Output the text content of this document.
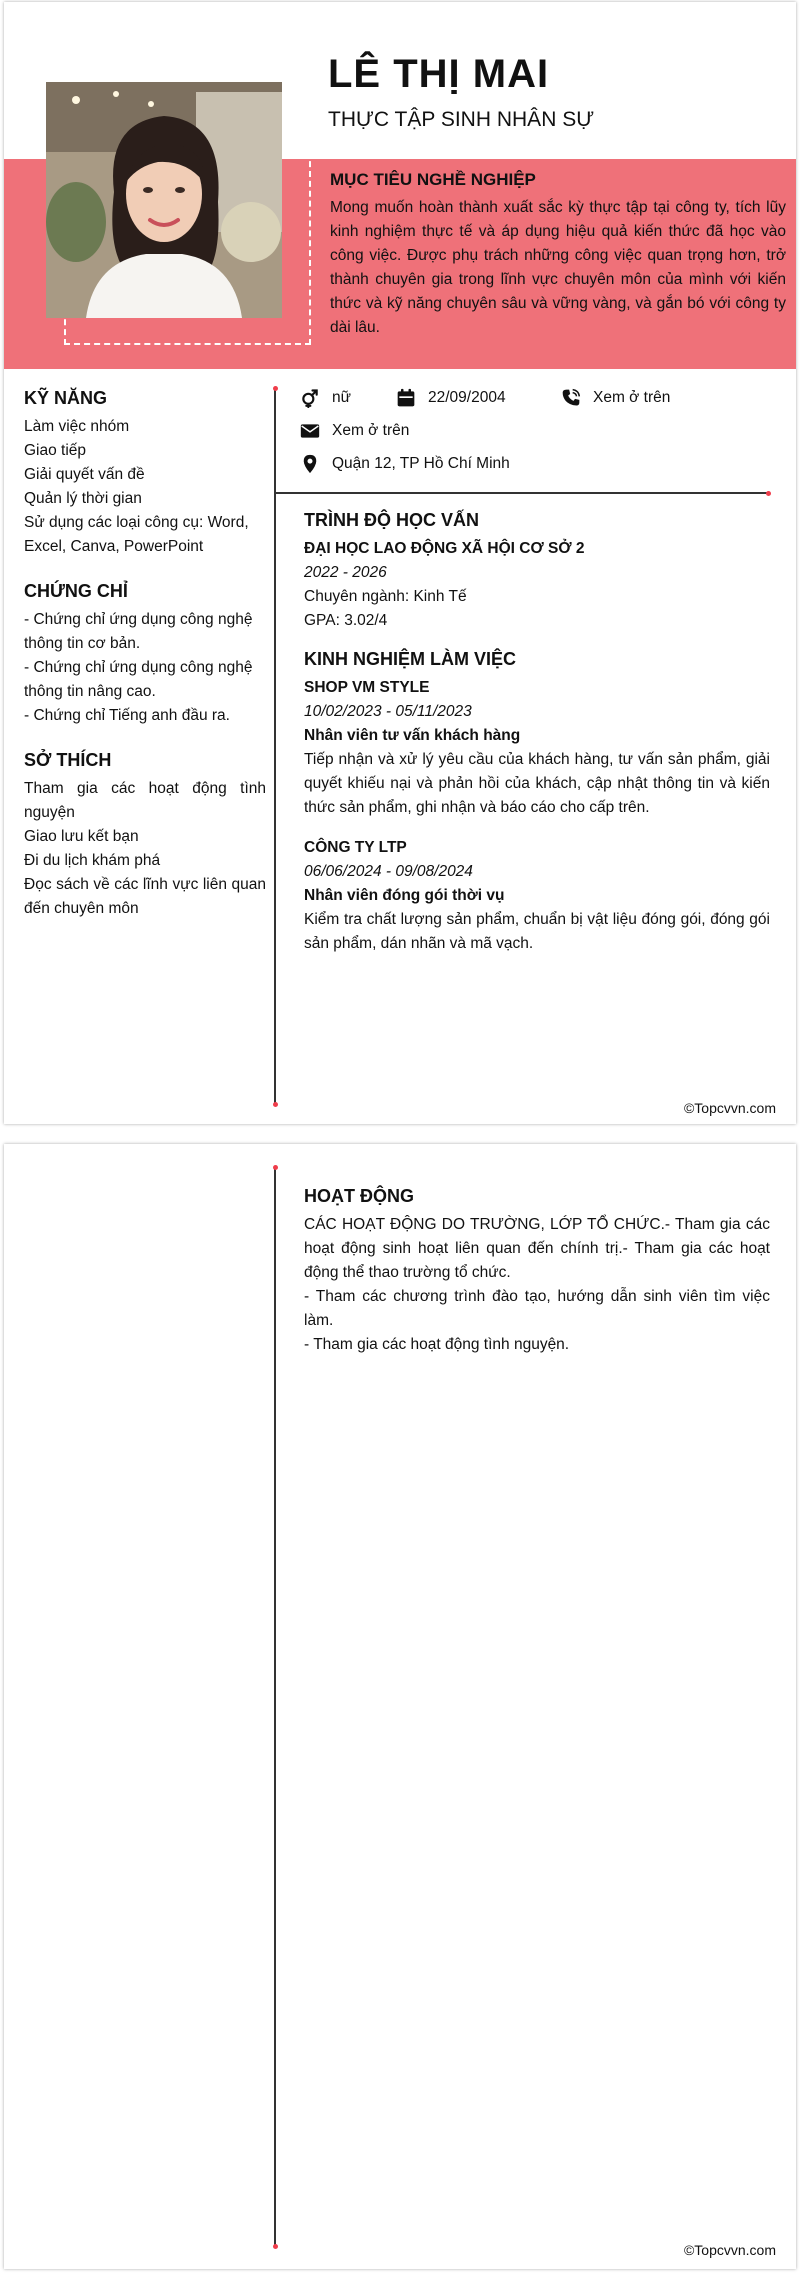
LÊ THỊ MAI
THỰC TẬP SINH NHÂN SỰ
MỤC TIÊU NGHỀ NGHIỆP

Mong muốn hoàn thành xuất sắc kỳ thực tập tại công ty, tích lũy kinh nghiệm thực tế và áp dụng hiệu quả kiến thức đã học vào công việc. Được phụ trách những công việc quan trọng hơn, trở thành chuyên gia trong lĩnh vực chuyên môn của mình với kiến thức và kỹ năng chuyên sâu và vững vàng, và gắn bó với công ty dài lâu.

KỸ NĂNG
Làm việc nhóm
Giao tiếp
Giải quyết vấn đề
Quản lý thời gian
Sử dụng các loại công cụ: Word, Excel, Canva, PowerPoint
CHỨNG CHỈ
- Chứng chỉ ứng dụng công nghệ thông tin cơ bản.
- Chứng chỉ ứng dụng công nghệ thông tin nâng cao.
- Chứng chỉ Tiếng anh đầu ra.
SỞ THÍCH
Tham gia các hoạt động tình nguyện
Giao lưu kết bạn
Đi du lịch khám phá
Đọc sách về các lĩnh vực liên quan đến chuyên môn
nữ	22/09/2004	Xem ở trên
Xem ở trên
Quận 12, TP Hồ Chí Minh
TRÌNH ĐỘ HỌC VẤN
ĐẠI HỌC LAO ĐỘNG XÃ HỘI CƠ SỞ 2
2022 - 2026
Chuyên ngành: Kinh Tế
GPA: 3.02/4
KINH NGHIỆM LÀM VIỆC
SHOP VM STYLE
10/02/2023 - 05/11/2023
Nhân viên tư vấn khách hàng
Tiếp nhận và xử lý yêu cầu của khách hàng, tư vấn sản phẩm, giải quyết khiếu nại và phản hồi của khách, cập nhật thông tin và kiến thức sản phẩm, ghi nhận và báo cáo cho cấp trên.
CÔNG TY LTP
06/06/2024 - 09/08/2024
Nhân viên đóng gói thời vụ
Kiểm tra chất lượng sản phẩm, chuẩn bị vật liệu đóng gói, đóng gói sản phẩm, dán nhãn và mã vạch.
©Topcvvn.com
HOẠT ĐỘNG
CÁC HOẠT ĐỘNG DO TRƯỜNG, LỚP TỔ CHỨC.- Tham gia các hoạt động sinh hoạt liên quan đến chính trị.- Tham gia các hoạt động thể thao trường tổ chức.
- Tham các chương trình đào tạo, hướng dẫn sinh viên tìm việc làm.
- Tham gia các hoạt động tình nguyện.
©Topcvvn.com
